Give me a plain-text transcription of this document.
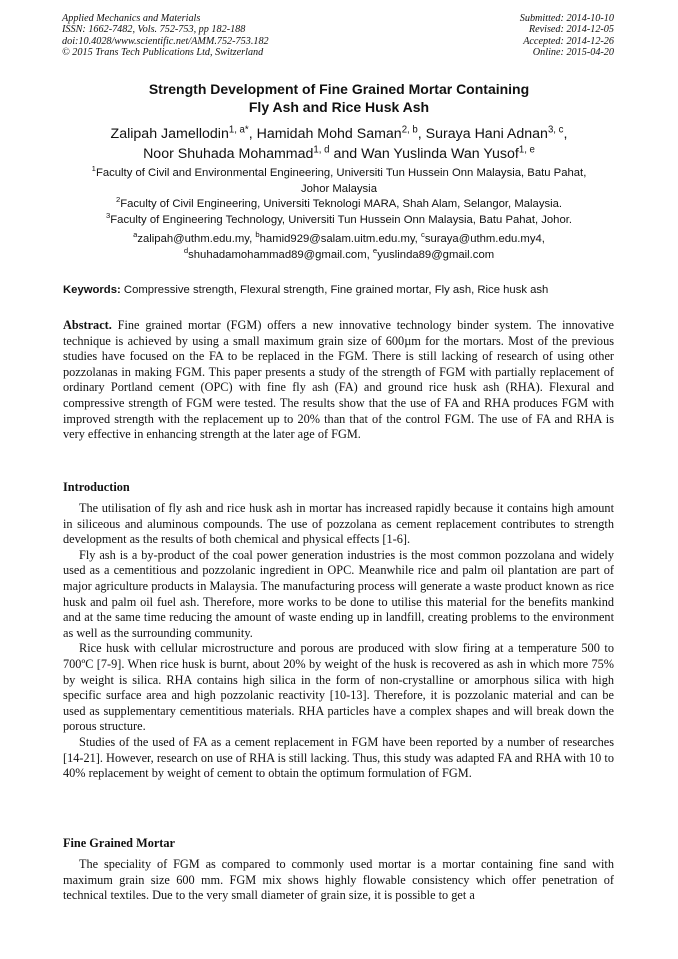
Applied Mechanics and Materials
ISSN: 1662-7482, Vols. 752-753, pp 182-188
doi:10.4028/www.scientific.net/AMM.752-753.182
© 2015 Trans Tech Publications Ltd, Switzerland
Submitted: 2014-10-10
Revised: 2014-12-05
Accepted: 2014-12-26
Online: 2015-04-20
Strength Development of Fine Grained Mortar Containing
Fly Ash and Rice Husk Ash
Zalipah Jamellodin$^{1, a*}$, Hamidah Mohd Saman$^{2, b}$, Suraya Hani Adnan$^{3, c}$,
Noor Shuhada Mohammad$^{1, d}$ and Wan Yuslinda Wan Yusof$^{1, e}$
$^1$Faculty of Civil and Environmental Engineering, Universiti Tun Hussein Onn Malaysia, Batu Pahat,
Johor Malaysia
$^2$Faculty of Civil Engineering, Universiti Teknologi MARA, Shah Alam, Selangor, Malaysia.
$^3$Faculty of Engineering Technology, Universiti Tun Hussein Onn Malaysia, Batu Pahat, Johor.
$^a$zalipah@uthm.edu.my, $^b$hamid929@salam.uitm.edu.my, $^c$suraya@uthm.edu.my4,
$^d$shuhadamohammad89@gmail.com, $^e$yuslinda89@gmail.com
Keywords: Compressive strength, Flexural strength, Fine grained mortar, Fly ash, Rice husk ash
Abstract. Fine grained mortar (FGM) offers a new innovative technology binder system. The innovative technique is achieved by using a small maximum grain size of 600µm for the mortars. Most of the previous studies have focused on the FA to be replaced in the FGM. There is still lacking of research of using other pozzolanas in making FGM. This paper presents a study of the strength of FGM with partially replacement of ordinary Portland cement (OPC) with fine fly ash (FA) and ground rice husk ash (RHA). Flexural and compressive strength of FGM were tested. The results show that the use of FA and RHA produces FGM with improved strength with the replacement up to 20% than that of the control FGM. The use of FA and RHA is very effective in enhancing strength at the later age of FGM.
Introduction

The utilisation of fly ash and rice husk ash in mortar has increased rapidly because it contains high amount in siliceous and aluminous compounds. The use of pozzolana as cement replacement contributes to strength development as the results of both chemical and physical effects [1-6].

Fly ash is a by-product of the coal power generation industries is the most common pozzolana and widely used as a cementitious and pozzolanic ingredient in OPC. Meanwhile rice and palm oil plantation are part of major agriculture products in Malaysia. The manufacturing process will generate a waste product known as rice husk and palm oil fuel ash. Therefore, more works to be done to utilise this material for the benefits mankind and at the same time reducing the amount of waste ending up in landfill, creating problems to the environment as well as the surrounding community.

Rice husk with cellular microstructure and porous are produced with slow firing at a temperature 500 to 700ºC [7-9]. When rice husk is burnt, about 20% by weight of the husk is recovered as ash in which more 75% by weight is silica. RHA contains high silica in the form of non-crystalline or amorphous silica with high specific surface area and high pozzolanic reactivity [10-13]. Therefore, it is pozzolanic material and can be used as supplementary cementitious materials. RHA particles have a complex shapes and will break down the porous structure.

Studies of the used of FA as a cement replacement in FGM have been reported by a number of researches [14-21]. However, research on use of RHA is still lacking. Thus, this study was adapted FA and RHA with 10 to 40% replacement by weight of cement to obtain the optimum formulation of FGM.

Fine Grained Mortar

The speciality of FGM as compared to commonly used mortar is a mortar containing fine sand with maximum grain size 600 mm. FGM mix shows highly flowable consistency which offer penetration of technical textiles. Due to the very small diameter of grain size, it is possible to get a
